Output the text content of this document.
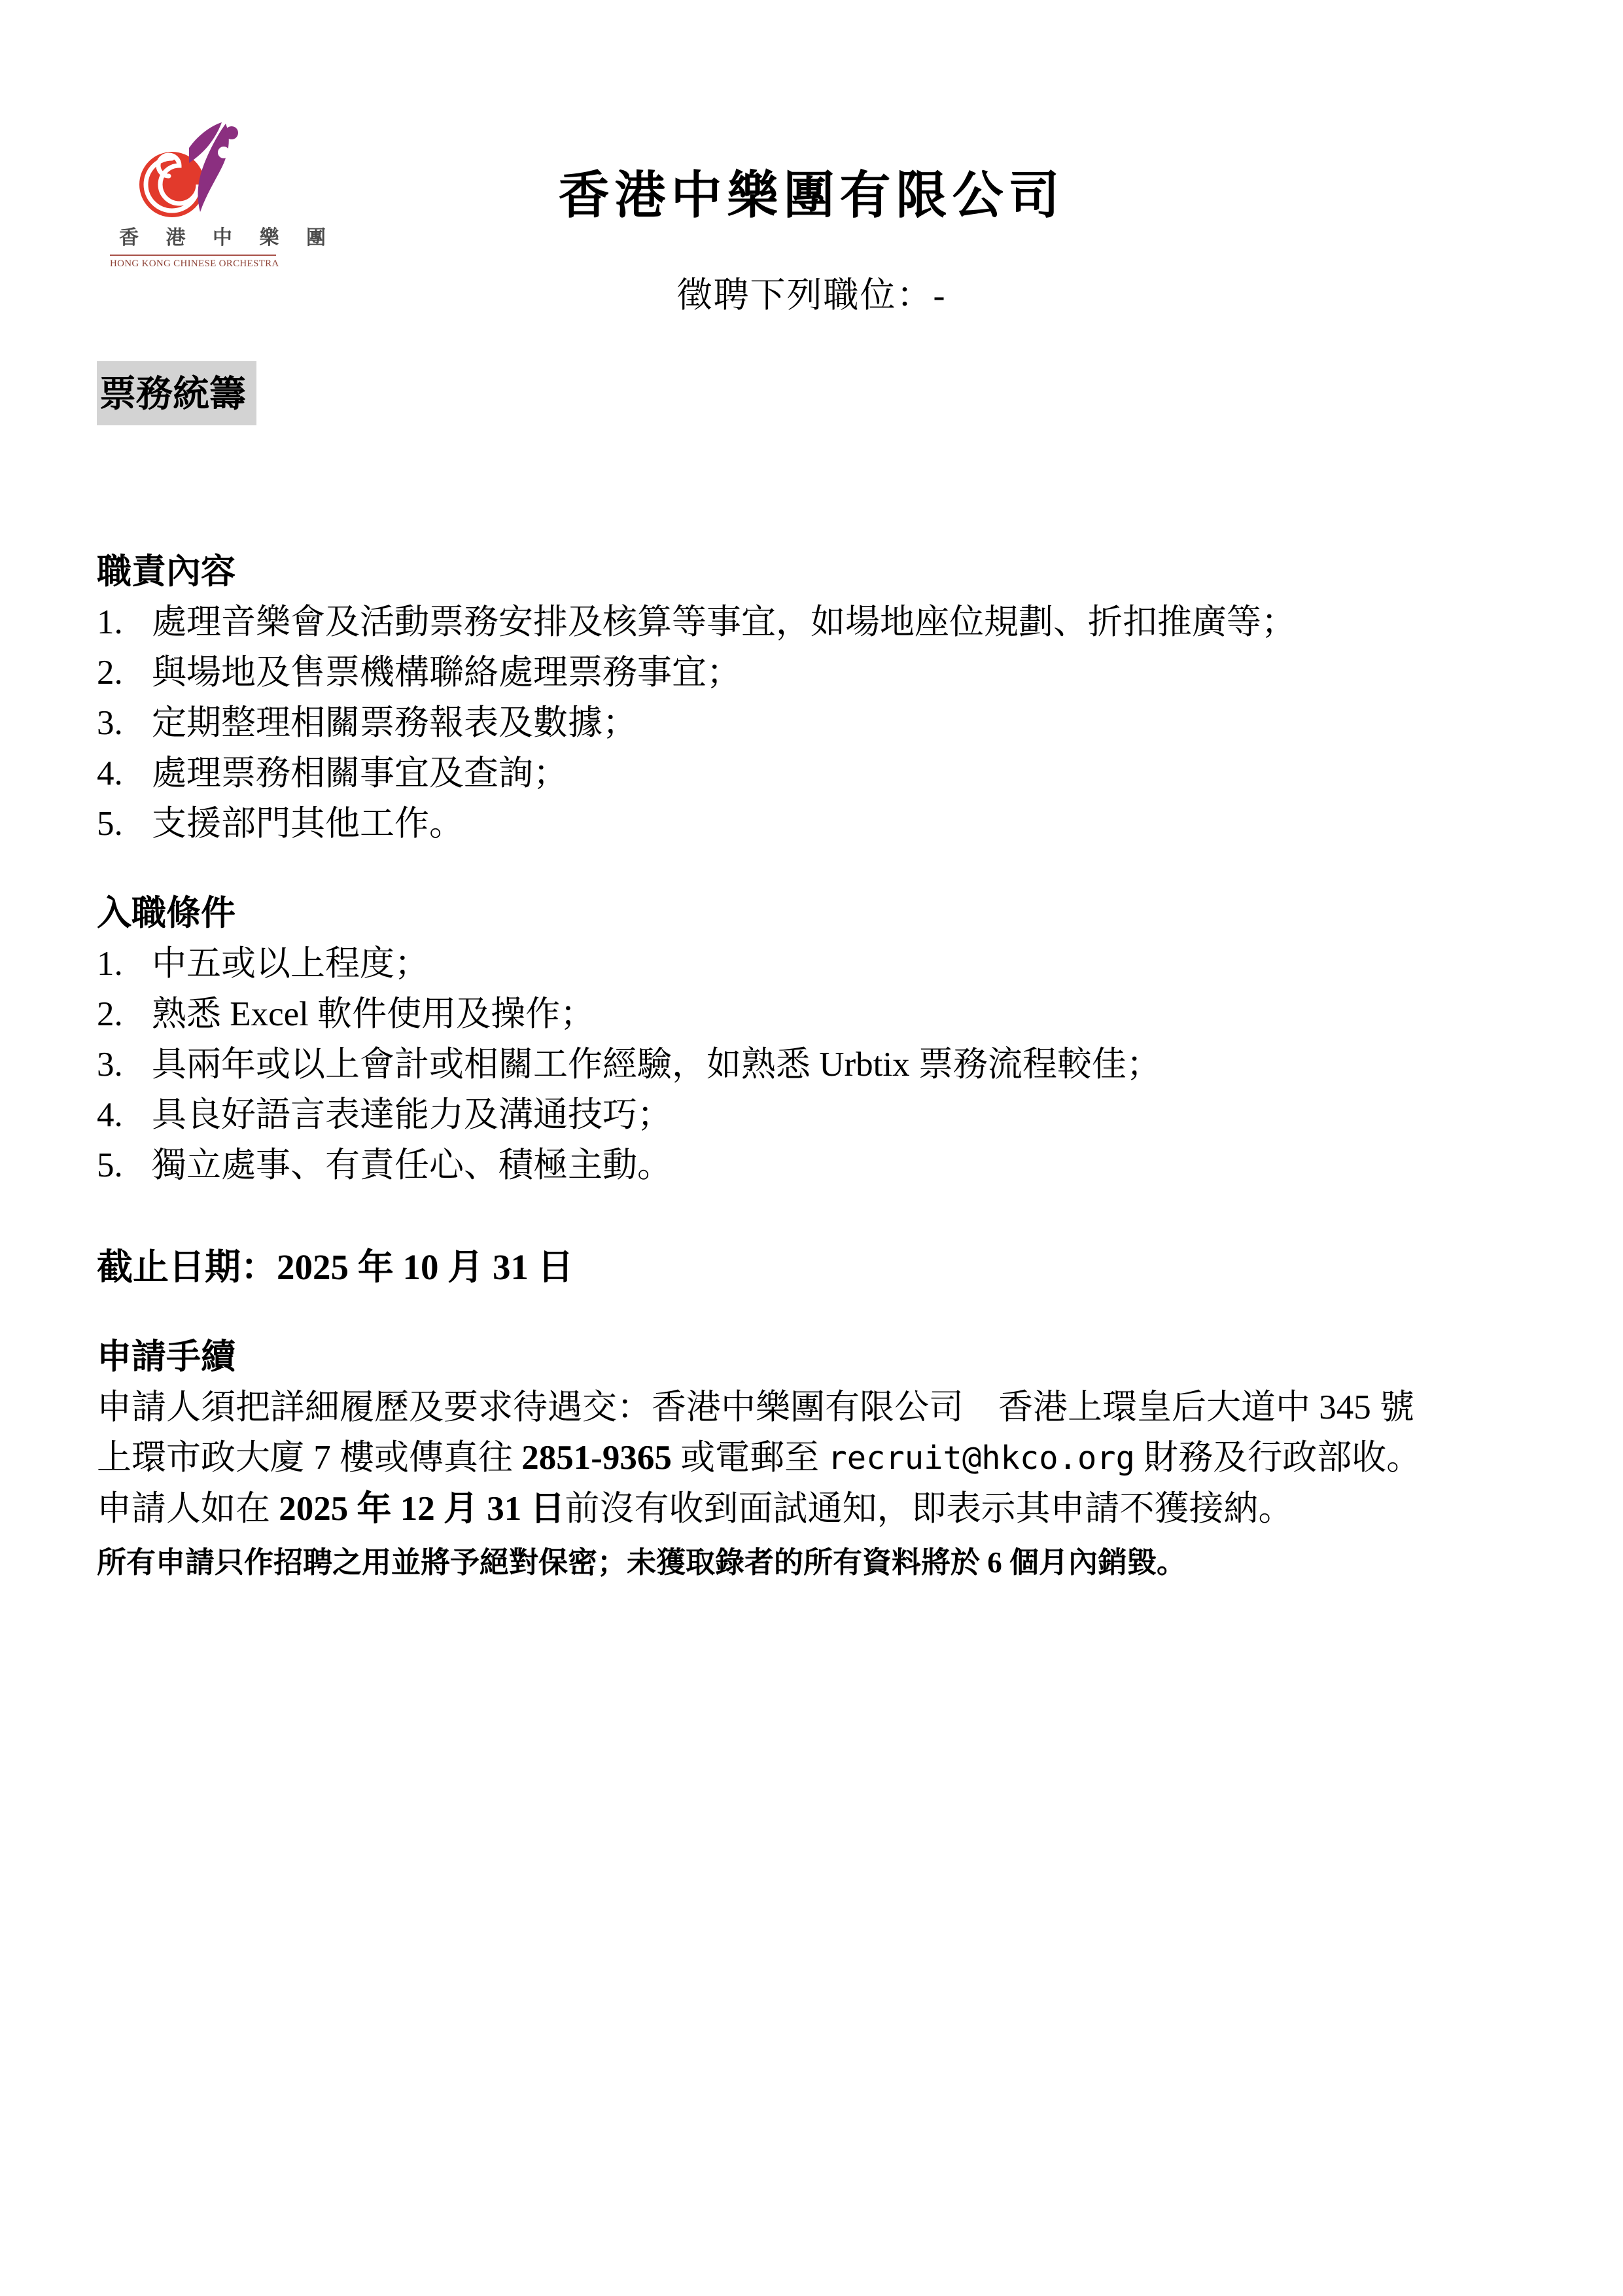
香 港 中 樂 團
HONG KONG CHINESE ORCHESTRA
香港中樂團有限公司
徵聘下列職位：-
票務統籌
職責內容
1. 處理音樂會及活動票務安排及核算等事宜，如場地座位規劃、折扣推廣等；
2. 與場地及售票機構聯絡處理票務事宜；
3. 定期整理相關票務報表及數據；
4. 處理票務相關事宜及查詢；
5. 支援部門其他工作。
入職條件
1. 中五或以上程度；
2. 熟悉 Excel 軟件使用及操作；
3. 具兩年或以上會計或相關工作經驗，如熟悉 Urbtix 票務流程較佳；
4. 具良好語言表達能力及溝通技巧；
5. 獨立處事、有責任心、積極主動。
截止日期：2025 年 10 月 31 日
申請手續
申請人須把詳細履歷及要求待遇交：香港中樂團有限公司　香港上環皇后大道中 345 號
上環市政大廈 7 樓或傳真往 2851-9365 或電郵至 recruit@hkco.org 財務及行政部收。
申請人如在 2025 年 12 月 31 日前沒有收到面試通知，即表示其申請不獲接納。
所有申請只作招聘之用並將予絕對保密；未獲取錄者的所有資料將於 6 個月內銷毀。
